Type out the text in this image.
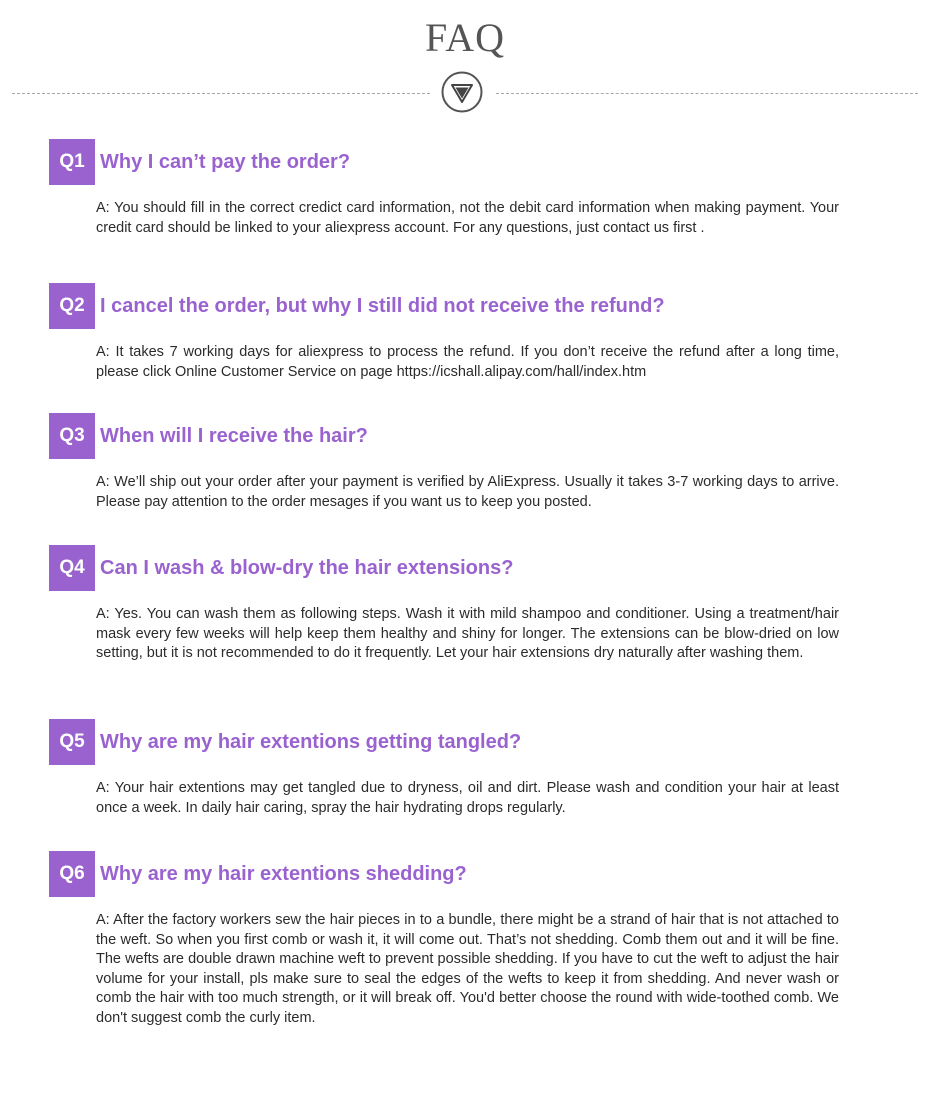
FAQ
Q1 Why I can’t pay the order?
A: You should fill in the correct credict card information, not the debit card information when making payment. Your credit card should be linked to your aliexpress account. For any questions, just contact us first .
Q2 I cancel the order, but why I still did not receive the refund?
A: It takes 7 working days for aliexpress to process the refund. If you don’t receive the refund after a long time, please click Online Customer Service on page https://icshall.alipay.com/hall/index.htm
Q3 When will I receive the hair?
A: We’ll ship out your order after your payment is verified by AliExpress. Usually it takes 3-7 working days to arrive. Please pay attention to the order mesages if you want us to keep you posted.
Q4 Can I wash & blow-dry the hair extensions?
A: Yes. You can wash them as following steps. Wash it with mild shampoo and conditioner. Using a treatment/hair mask every few weeks will help keep them healthy and shiny for longer. The extensions can be blow-dried on low setting, but it is not recommended to do it frequently. Let your hair extensions dry naturally after washing them.
Q5 Why are my hair extentions getting tangled?
A: Your hair extentions may get tangled due to dryness, oil and dirt. Please wash and condition your hair at least once a week. In daily hair caring, spray the hair hydrating drops regularly.
Q6 Why are my hair extentions shedding?
A: After the factory workers sew the hair pieces in to a bundle, there might be a strand of hair that is not attached to the weft. So when you first comb or wash it, it will come out. That’s not shedding. Comb them out and it will be fine. The wefts are double drawn machine weft to prevent possible shedding. If you have to cut the weft to adjust the hair volume for your install, pls make sure to seal the edges of the wefts to keep it from shedding. And never wash or comb the hair with too much strength, or it will break off. You'd better choose the round with wide-toothed comb. We don't suggest comb the curly item.
